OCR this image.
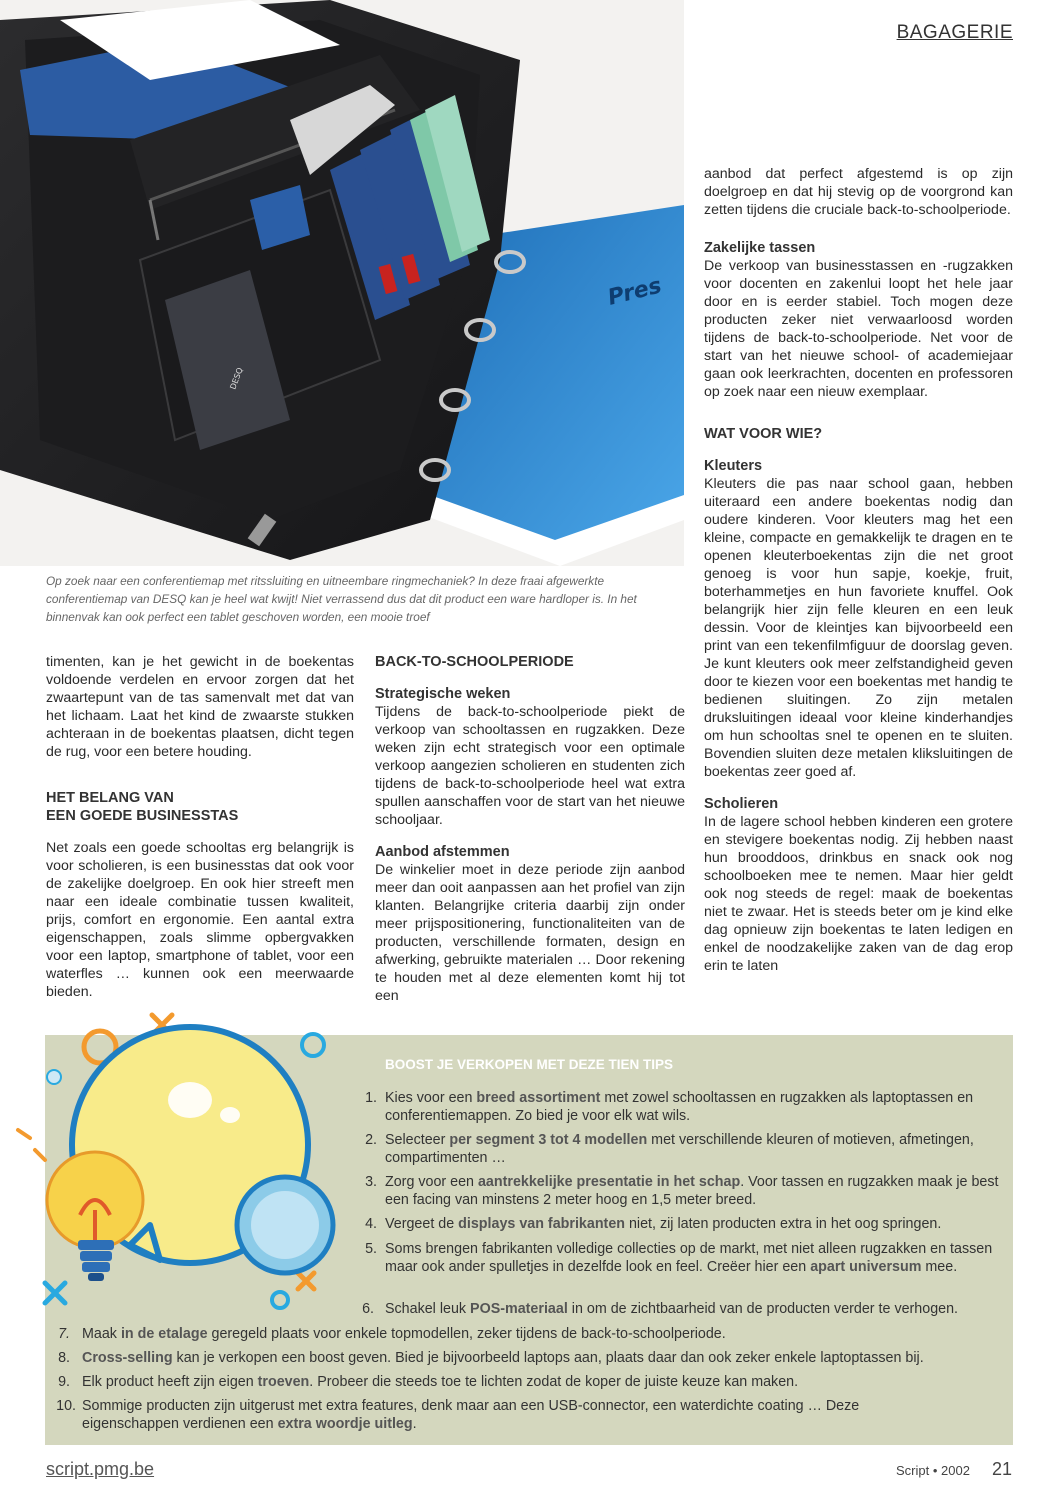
BAGAGERIE
Pres
DESQ
Op zoek naar een conferentiemap met ritssluiting en uitneembare ringmechaniek? In deze fraai afgewerkte conferentiemap van DESQ kan je heel wat kwijt! Niet verrassend dus dat dit product een ware hardloper is. In het binnenvak kan ook perfect een tablet geschoven worden, een mooie troef

timenten, kan je het gewicht in de boekentas voldoende verdelen en ervoor zorgen dat het zwaartepunt van de tas samenvalt met dat van het lichaam. Laat het kind de zwaarste stukken achteraan in de boekentas plaatsen, dicht tegen de rug, voor een betere houding.

HET BELANG VAN
EEN GOEDE BUSINESSTAS

Net zoals een goede schooltas erg belangrijk is voor scholieren, is een businesstas dat ook voor de zakelijke doelgroep. En ook hier streeft men naar een ideale combinatie tussen kwaliteit, prijs, comfort en ergonomie. Een aantal extra eigenschappen, zoals slimme opbergvakken voor een laptop, smartphone of tablet, voor een waterfles … kunnen ook een meerwaarde bieden.

BACK-TO-SCHOOLPERIODE
Strategische weken

Tijdens de back-to-schoolperiode piekt de verkoop van schooltassen en rugzakken. Deze weken zijn echt strategisch voor een optimale verkoop aangezien scholieren en studenten zich tijdens de back-to-schoolperiode heel wat extra spullen aanschaffen voor de start van het nieuwe schooljaar.

Aanbod afstemmen

De winkelier moet in deze periode zijn aanbod meer dan ooit aanpassen aan het profiel van zijn klanten. Belangrijke criteria daarbij zijn onder meer prijspositionering, functionaliteiten van de producten, verschillende formaten, design en afwerking, gebruikte materialen … Door rekening te houden met al deze elementen komt hij tot een

aanbod dat perfect afgestemd is op zijn doelgroep en dat hij stevig op de voorgrond kan zetten tijdens die cruciale back-to-schoolperiode.

Zakelijke tassen

De verkoop van businesstassen en -rugzakken voor docenten en zakenlui loopt het hele jaar door en is eerder stabiel. Toch mogen deze producten zeker niet verwaarloosd worden tijdens de back-to-schoolperiode. Net voor de start van het nieuwe school- of academiejaar gaan ook leerkrachten, docenten en professoren op zoek naar een nieuw exemplaar.

WAT VOOR WIE?
Kleuters

Kleuters die pas naar school gaan, hebben uiteraard een andere boekentas nodig dan oudere kinderen. Voor kleuters mag het een kleine, compacte en gemakkelijk te dragen en te openen kleuterboekentas zijn die net groot genoeg is voor hun sapje, koekje, fruit, boterhammetjes en hun favoriete knuffel. Ook belangrijk hier zijn felle kleuren en een leuk dessin. Voor de kleintjes kan bijvoorbeeld een print van een tekenfilmfiguur de doorslag geven. Je kunt kleuters ook meer zelfstandigheid geven door te kiezen voor een boekentas met handig te bedienen sluitingen. Zo zijn metalen druksluitingen ideaal voor kleine kinderhandjes om hun schooltas snel te openen en te sluiten. Bovendien sluiten deze metalen kliksluitingen de boekentas zeer goed af.

Scholieren

In de lagere school hebben kinderen een grotere en stevigere boekentas nodig. Zij hebben naast hun brooddoos, drinkbus en snack ook nog schoolboeken mee te nemen. Maar hier geldt ook nog steeds de regel: maak de boekentas niet te zwaar. Het is steeds beter om je kind elke dag opnieuw zijn boekentas te laten ledigen en enkel de noodzakelijke zaken van de dag erop erin te laten

BOOST JE VERKOPEN MET DEZE TIEN TIPS
1. Kies voor een breed assortiment met zowel schooltassen en rugzakken als laptoptassen en conferentiemappen. Zo bied je voor elk wat wils.
2. Selecteer per segment 3 tot 4 modellen met verschillende kleuren of motieven, afmetingen, compartimenten …
3. Zorg voor een aantrekkelijke presentatie in het schap. Voor tassen en rugzakken maak je best een facing van minstens 2 meter hoog en 1,5 meter breed.
4. Vergeet de displays van fabrikanten niet, zij laten producten extra in het oog springen.
5. Soms brengen fabrikanten volledige collecties op de markt, met niet alleen rugzakken en tassen maar ook ander spulletjes in dezelfde look en feel. Creëer hier een apart universum mee.
6. Schakel leuk POS-materiaal in om de zichtbaarheid van de producten verder te verhogen.
7. Maak in de etalage geregeld plaats voor enkele topmodellen, zeker tijdens de back-to-schoolperiode.
8. Cross-selling kan je verkopen een boost geven. Bied je bijvoorbeeld laptops aan, plaats daar dan ook zeker enkele laptoptassen bij.
9. Elk product heeft zijn eigen troeven. Probeer die steeds toe te lichten zodat de koper de juiste keuze kan maken.
10. Sommige producten zijn uitgerust met extra features, denk maar aan een USB-connector, een waterdichte coating … Deze eigenschappen verdienen een extra woordje uitleg.
script.pmg.be	Script • 2002 21
